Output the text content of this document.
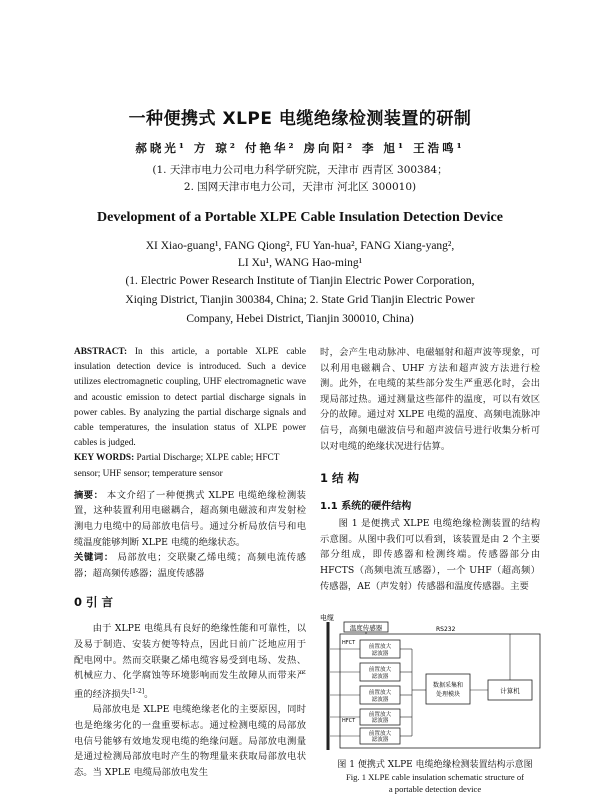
一种便携式 XLPE 电缆绝缘检测装置的研制
郝晓光¹ 方 琼² 付艳华² 房向阳² 李 旭¹ 王浩鸣¹
(1. 天津市电力公司电力科学研究院，天津市 西青区 300384；
2. 国网天津市电力公司，天津市 河北区 300010)
Development of a Portable XLPE Cable Insulation Detection Device
XI Xiao-guang¹, FANG Qiong², FU Yan-hua², FANG Xiang-yang²,
LI Xu¹, WANG Hao-ming¹
(1. Electric Power Research Institute of Tianjin Electric Power Corporation,
Xiqing District, Tianjin 300384, China; 2. State Grid Tianjin Electric Power
Company, Hebei District, Tianjin 300010, China)
ABSTRACT: In this article, a portable XLPE cable insulation detection device is introduced. Such a device utilizes electromagnetic coupling, UHF electromagnetic wave and acoustic emission to detect partial discharge signals in power cables. By analyzing the partial discharge signals and cable temperatures, the insulation status of XLPE power cables is judged.
KEY WORDS: Partial Discharge; XLPE cable; HFCT sensor; UHF sensor; temperature sensor
摘要： 本文介绍了一种便携式 XLPE 电缆绝缘检测装置，这种装置利用电磁耦合，超高频电磁波和声发射检测电力电缆中的局部放电信号。通过分析局放信号和电缆温度能够判断 XLPE 电缆的绝缘状态。
关键词： 局部放电；交联聚乙烯电缆；高频电流传感器；超高频传感器；温度传感器
0 引 言

由于 XLPE 电缆具有良好的绝缘性能和可靠性，以及易于制造、安装方便等特点，因此日前广泛地应用于配电网中。然而交联聚乙烯电缆容易受到电场、发热、机械应力、化学腐蚀等环境影响而发生故障从而带来严重的经济损失[1-2]。

局部放电是 XLPE 电缆绝缘老化的主要原因，同时也是绝缘劣化的一盘重要标志。通过检测电缆的局部放电信号能够有效地发现电缆的绝缘问题。局部放电测量是通过检测局部放电时产生的物理量来获取局部放电状态。当 XPLE 电缆局部放电发生

时，会产生电动脉冲、电磁辐射和超声波等现象，可以利用电磁耦合、UHF 方法和超声波方法进行检测。此外，在电缆的某些部分发生严重恶化时，会出现局部过热。通过测量这些部件的温度，可以有效区分的故障。通过对 XLPE 电缆的温度、高频电流脉冲信号，高频电磁波信号和超声波信号进行收集分析可以对电缆的绝缘状况进行估算。

1 结 构
1.1 系统的硬件结构

图 1 是便携式 XLPE 电缆绝缘检测装置的结构示意图。从图中我们可以看到，该装置是由 2 个主要部分组成，即传感器和检测终端。传感器部分由 HFCTS（高频电流互感器），一个 UHF（超高频）传感器，AE（声发射）传感器和温度传感器。主要

电缆
温度传感器	RS232
前置放大
滤波器
前置放大
滤波器
前置放大
滤波器
前置放大
滤波器
前置放大
滤波器
HFCT
HFCT
数据采集和
处理模块	计算机
图 1 便携式 XLPE 电缆绝缘检测装置结构示意图
Fig. 1 XLPE cable insulation schematic structure of
a portable detection device
